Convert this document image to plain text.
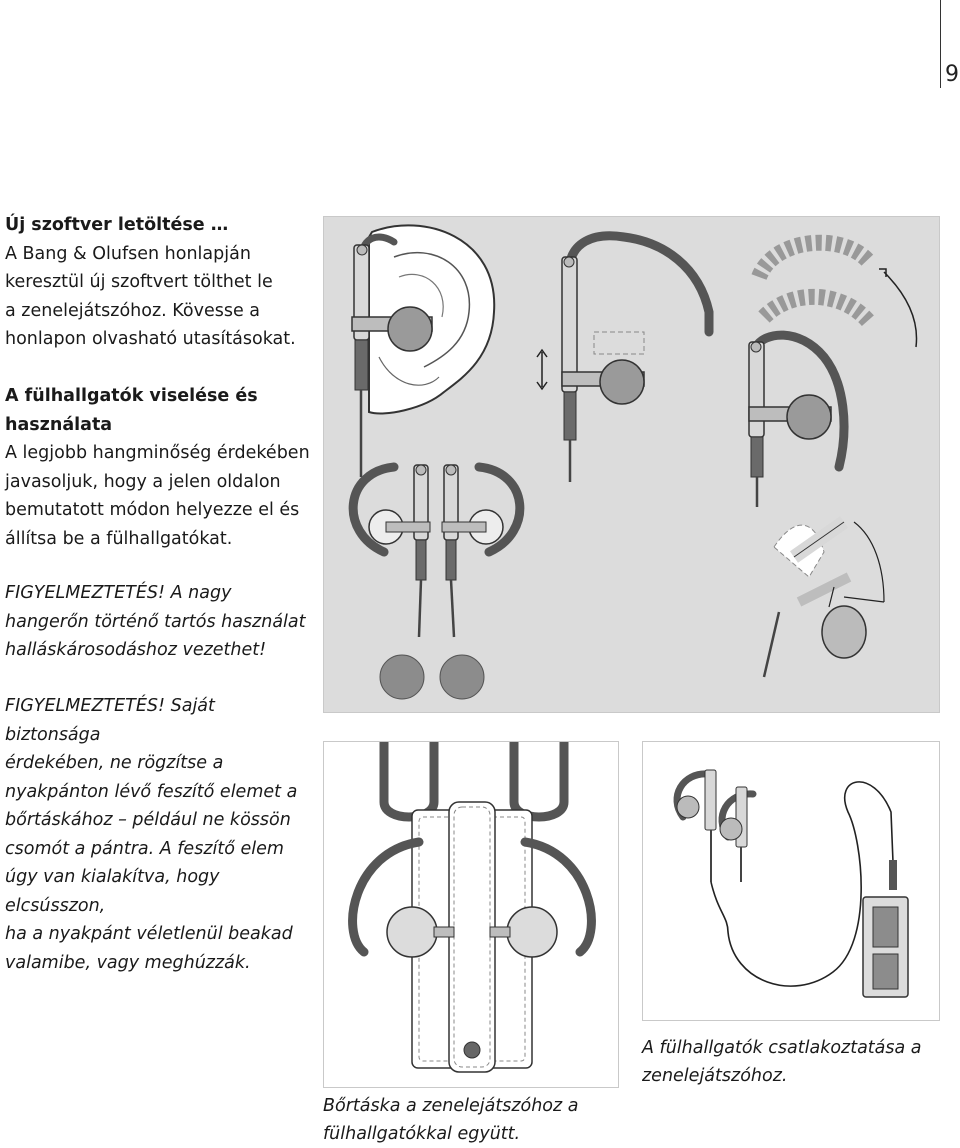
9

Új szoftver letöltése …

A Bang & Olufsen honlapján

keresztül új szoftvert tölthet le

a zenelejátszóhoz. Kövesse a

honlapon olvasható utasításokat.

A fülhallgatók viselése és

használata

A legjobb hangminőség érdekében

javasoljuk, hogy a jelen oldalon

bemutatott módon helyezze el és

állítsa be a fülhallgatókat.

FIGYELMEZTETÉS! A nagy

hangerőn történő tartós használat

halláskárosodáshoz vezethet!

FIGYELMEZTETÉS! Saját biztonsága

érdekében, ne rögzítse a

nyakpánton lévő feszítő elemet a

bőrtáskához – például ne kössön

csomót a pántra. A feszítő elem

úgy van kialakítva, hogy elcsússzon,

ha a nyakpánt véletlenül beakad

valamibe, vagy meghúzzák.

Bőrtáska a zenelejátszóhoz a
fülhallgatókkal együtt.
A fülhallgatók csatlakoztatása a
zenelejátszóhoz.
